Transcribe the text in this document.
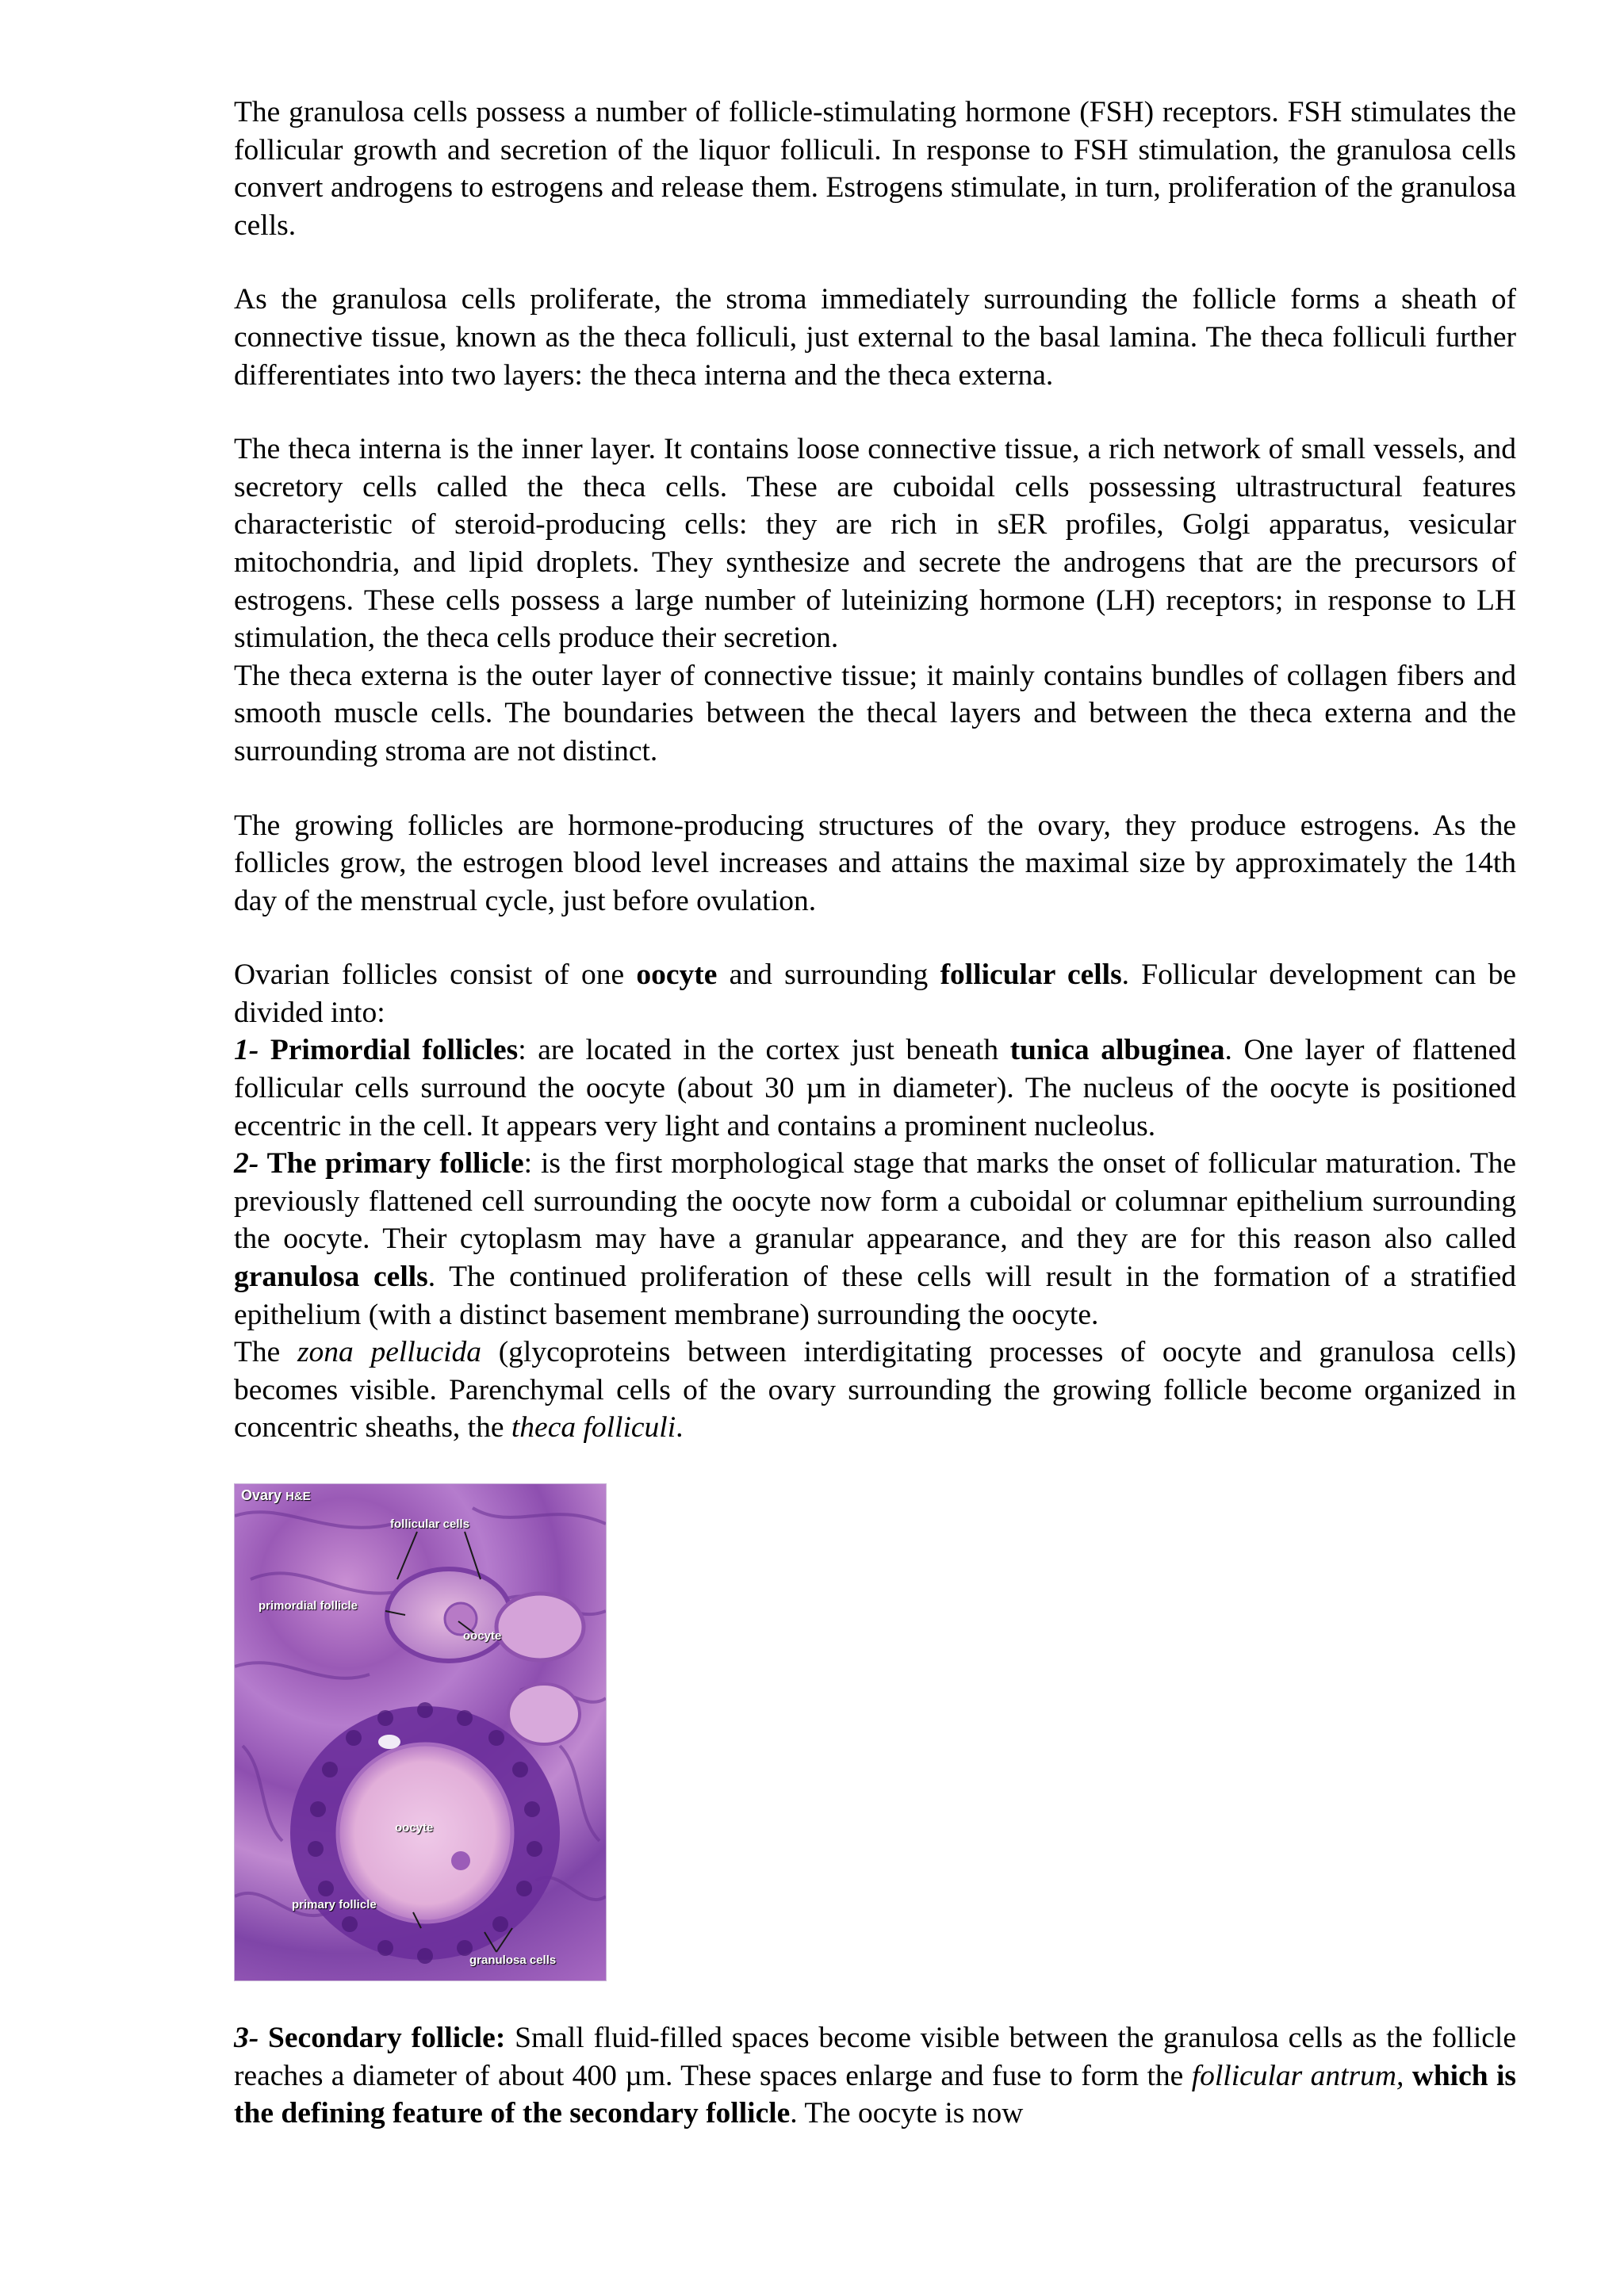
The granulosa cells possess a number of follicle-stimulating hormone (FSH) receptors. FSH stimulates the follicular growth and secretion of the liquor folliculi. In response to FSH stimulation, the granulosa cells convert androgens to estrogens and release them. Estrogens stimulate, in turn, proliferation of the granulosa cells.

As the granulosa cells proliferate, the stroma immediately surrounding the follicle forms a sheath of connective tissue, known as the theca folliculi, just external to the basal lamina. The theca folliculi further differentiates into two layers: the theca interna and the theca externa.

The theca interna is the inner layer. It contains loose connective tissue, a rich network of small vessels, and secretory cells called the theca cells. These are cuboidal cells possessing ultrastructural features characteristic of steroid-producing cells: they are rich in sER profiles, Golgi apparatus, vesicular mitochondria, and lipid droplets. They synthesize and secrete the androgens that are the precursors of estrogens. These cells possess a large number of luteinizing hormone (LH) receptors; in response to LH stimulation, the theca cells produce their secretion.

The theca externa is the outer layer of connective tissue; it mainly contains bundles of collagen fibers and smooth muscle cells. The boundaries between the thecal layers and between the theca externa and the surrounding stroma are not distinct.

The growing follicles are hormone-producing structures of the ovary, they produce estrogens. As the follicles grow, the estrogen blood level increases and attains the maximal size by approximately the 14th day of the menstrual cycle, just before ovulation.

Ovarian follicles consist of one oocyte and surrounding follicular cells. Follicular development can be divided into:

1- Primordial follicles: are located in the cortex just beneath tunica albuginea. One layer of flattened follicular cells surround the oocyte (about 30 µm in diameter). The nucleus of the oocyte is positioned eccentric in the cell. It appears very light and contains a prominent nucleolus.

2- The primary follicle: is the first morphological stage that marks the onset of follicular maturation. The previously flattened cell surrounding the oocyte now form a cuboidal or columnar epithelium surrounding the oocyte. Their cytoplasm may have a granular appearance, and they are for this reason also called granulosa cells. The continued proliferation of these cells will result in the formation of a stratified epithelium (with a distinct basement membrane) surrounding the oocyte.

The zona pellucida (glycoproteins between interdigitating processes of oocyte and granulosa cells) becomes visible. Parenchymal cells of the ovary surrounding the growing follicle become organized in concentric sheaths, the theca folliculi.

Ovary H&E
follicular cells
primordial follicle
oocyte
oocyte
primary follicle
granulosa cells

3- Secondary follicle: Small fluid-filled spaces become visible between the granulosa cells as the follicle reaches a diameter of about 400 µm. These spaces enlarge and fuse to form the follicular antrum, which is the defining feature of the secondary follicle. The oocyte is now
